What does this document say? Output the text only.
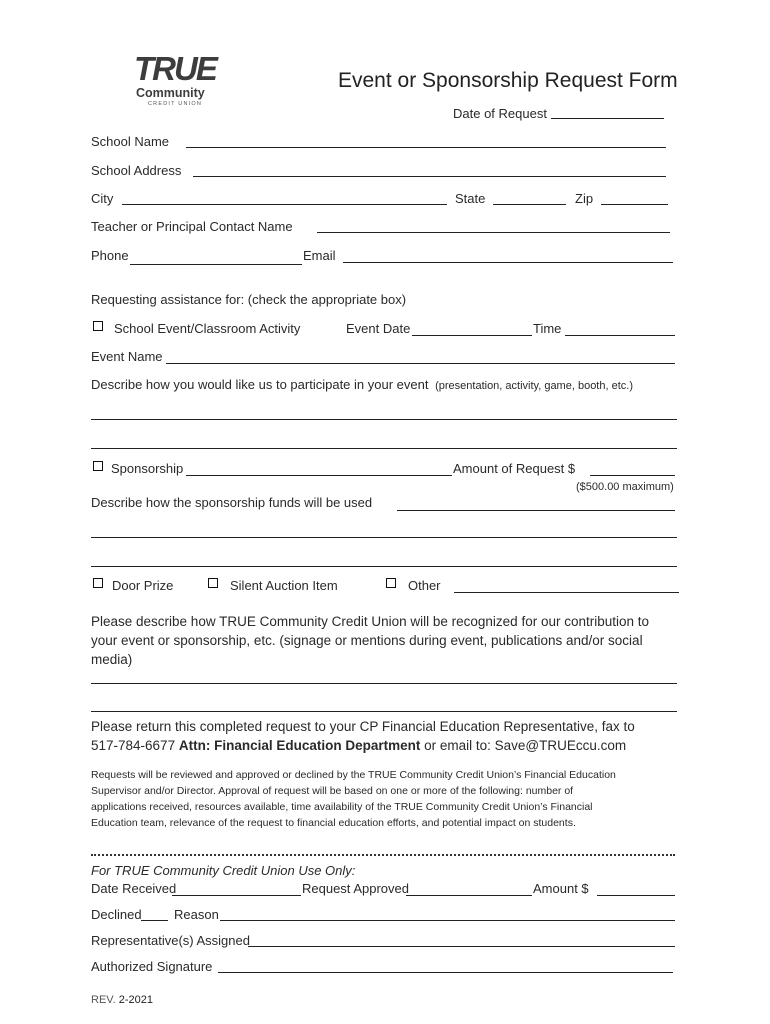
TRUE
Community
CREDIT UNION
Event or Sponsorship Request Form
Date of Request
School Name
School Address
City	State	Zip
Teacher or Principal Contact Name
Phone	Email
Requesting assistance for: (check the appropriate box)
School Event/Classroom Activity	Event Date	Time
Event Name
Describe how you would like us to participate in your event (presentation, activity, game, booth, etc.)
Sponsorship	Amount of Request $
($500.00 maximum)
Describe how the sponsorship funds will be used
Door Prize	Silent Auction Item	Other
Please describe how TRUE Community Credit Union will be recognized for our contribution to
your event or sponsorship, etc. (signage or mentions during event, publications and/or social
media)
Please return this completed request to your CP Financial Education Representative, fax to
517-784-6677 Attn: Financial Education Department or email to: Save@TRUEccu.com
Requests will be reviewed and approved or declined by the TRUE Community Credit Union’s Financial Education
Supervisor and/or Director. Approval of request will be based on one or more of the following: number of
applications received, resources available, time availability of the TRUE Community Credit Union’s Financial
Education team, relevance of the request to financial education efforts, and potential impact on students.
For TRUE Community Credit Union Use Only:
Date Received	Request Approved	Amount $
Declined Reason
Representative(s) Assigned
Authorized Signature
REV. 2-2021
